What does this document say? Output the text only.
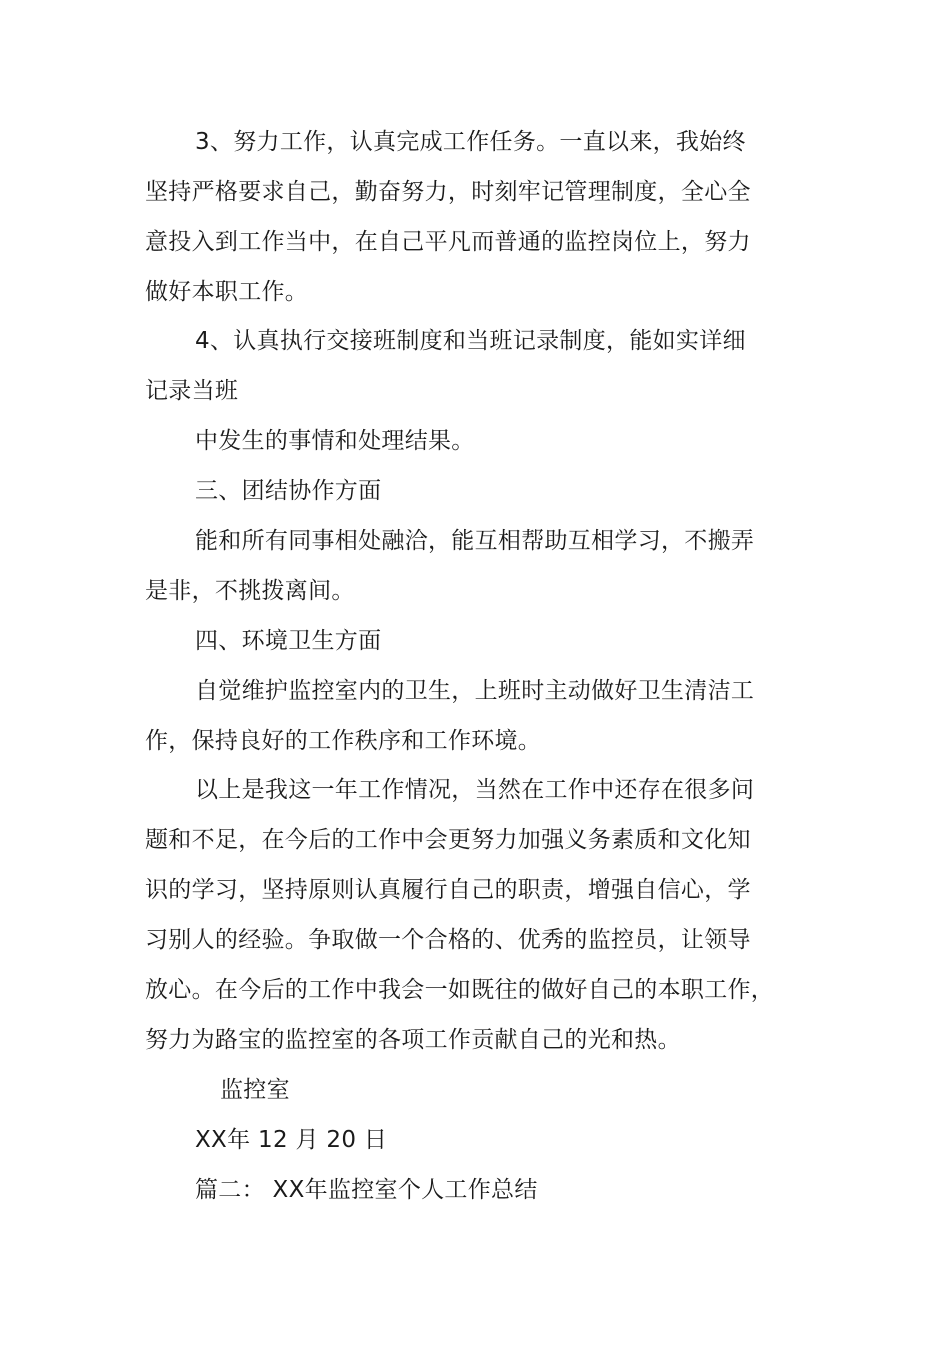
3、努力工作，认真完成工作任务。一直以来，我始终
坚持严格要求自己，勤奋努力，时刻牢记管理制度，全心全
意投入到工作当中，在自己平凡而普通的监控岗位上，努力
做好本职工作。
4、认真执行交接班制度和当班记录制度，能如实详细
记录当班
中发生的事情和处理结果。
三、团结协作方面
能和所有同事相处融洽，能互相帮助互相学习，不搬弄
是非，不挑拨离间。
四、环境卫生方面
自觉维护监控室内的卫生，上班时主动做好卫生清洁工
作，保持良好的工作秩序和工作环境。
以上是我这一年工作情况，当然在工作中还存在很多问
题和不足，在今后的工作中会更努力加强义务素质和文化知
识的学习，坚持原则认真履行自己的职责，增强自信心，学
习别人的经验。争取做一个合格的、优秀的监控员，让领导
放心。在今后的工作中我会一如既往的做好自己的本职工作，
努力为路宝的监控室的各项工作贡献自己的光和热。
监控室
XX年 12 月 20 日
篇二： XX年监控室个人工作总结
